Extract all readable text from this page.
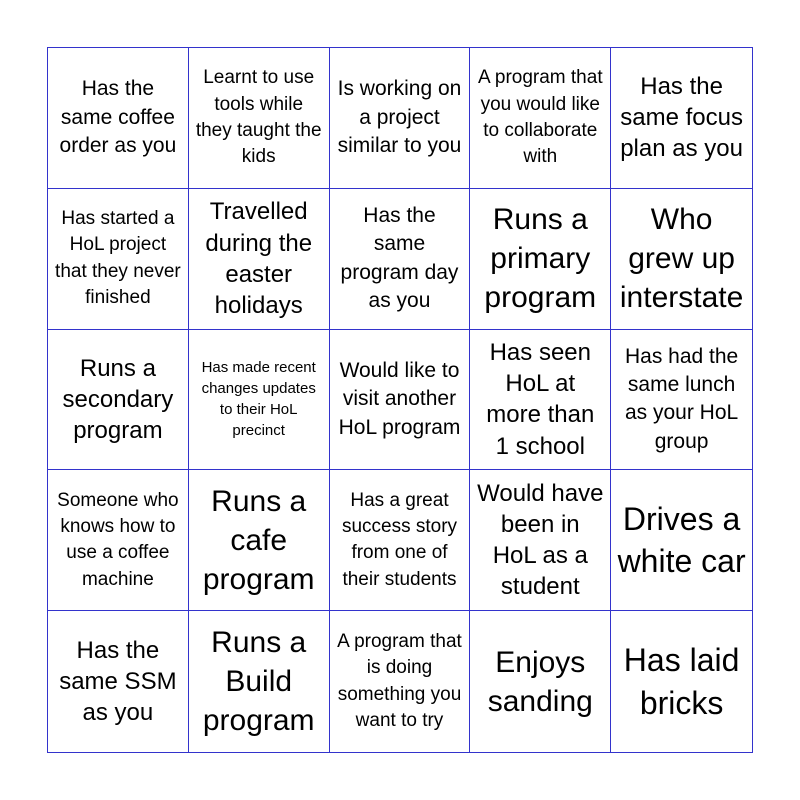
Has the same coffee order as you
Learnt to use tools while they taught the kids
Is working on a project similar to you
A program that you would like to collaborate with
Has the same focus plan as you
Has started a HoL project that they never finished
Travelled during the easter holidays
Has the same program day as you
Runs a primary program
Who grew up interstate
Runs a secondary program
Has made recent changes updates to their HoL precinct
Would like to visit another HoL program
Has seen HoL at more than 1 school
Has had the same lunch as your HoL group
Someone who knows how to use a coffee machine
Runs a cafe program
Has a great success story from one of their students
Would have been in HoL as a student
Drives a white car
Has the same SSM as you
Runs a Build program
A program that is doing something you want to try
Enjoys sanding
Has laid bricks
